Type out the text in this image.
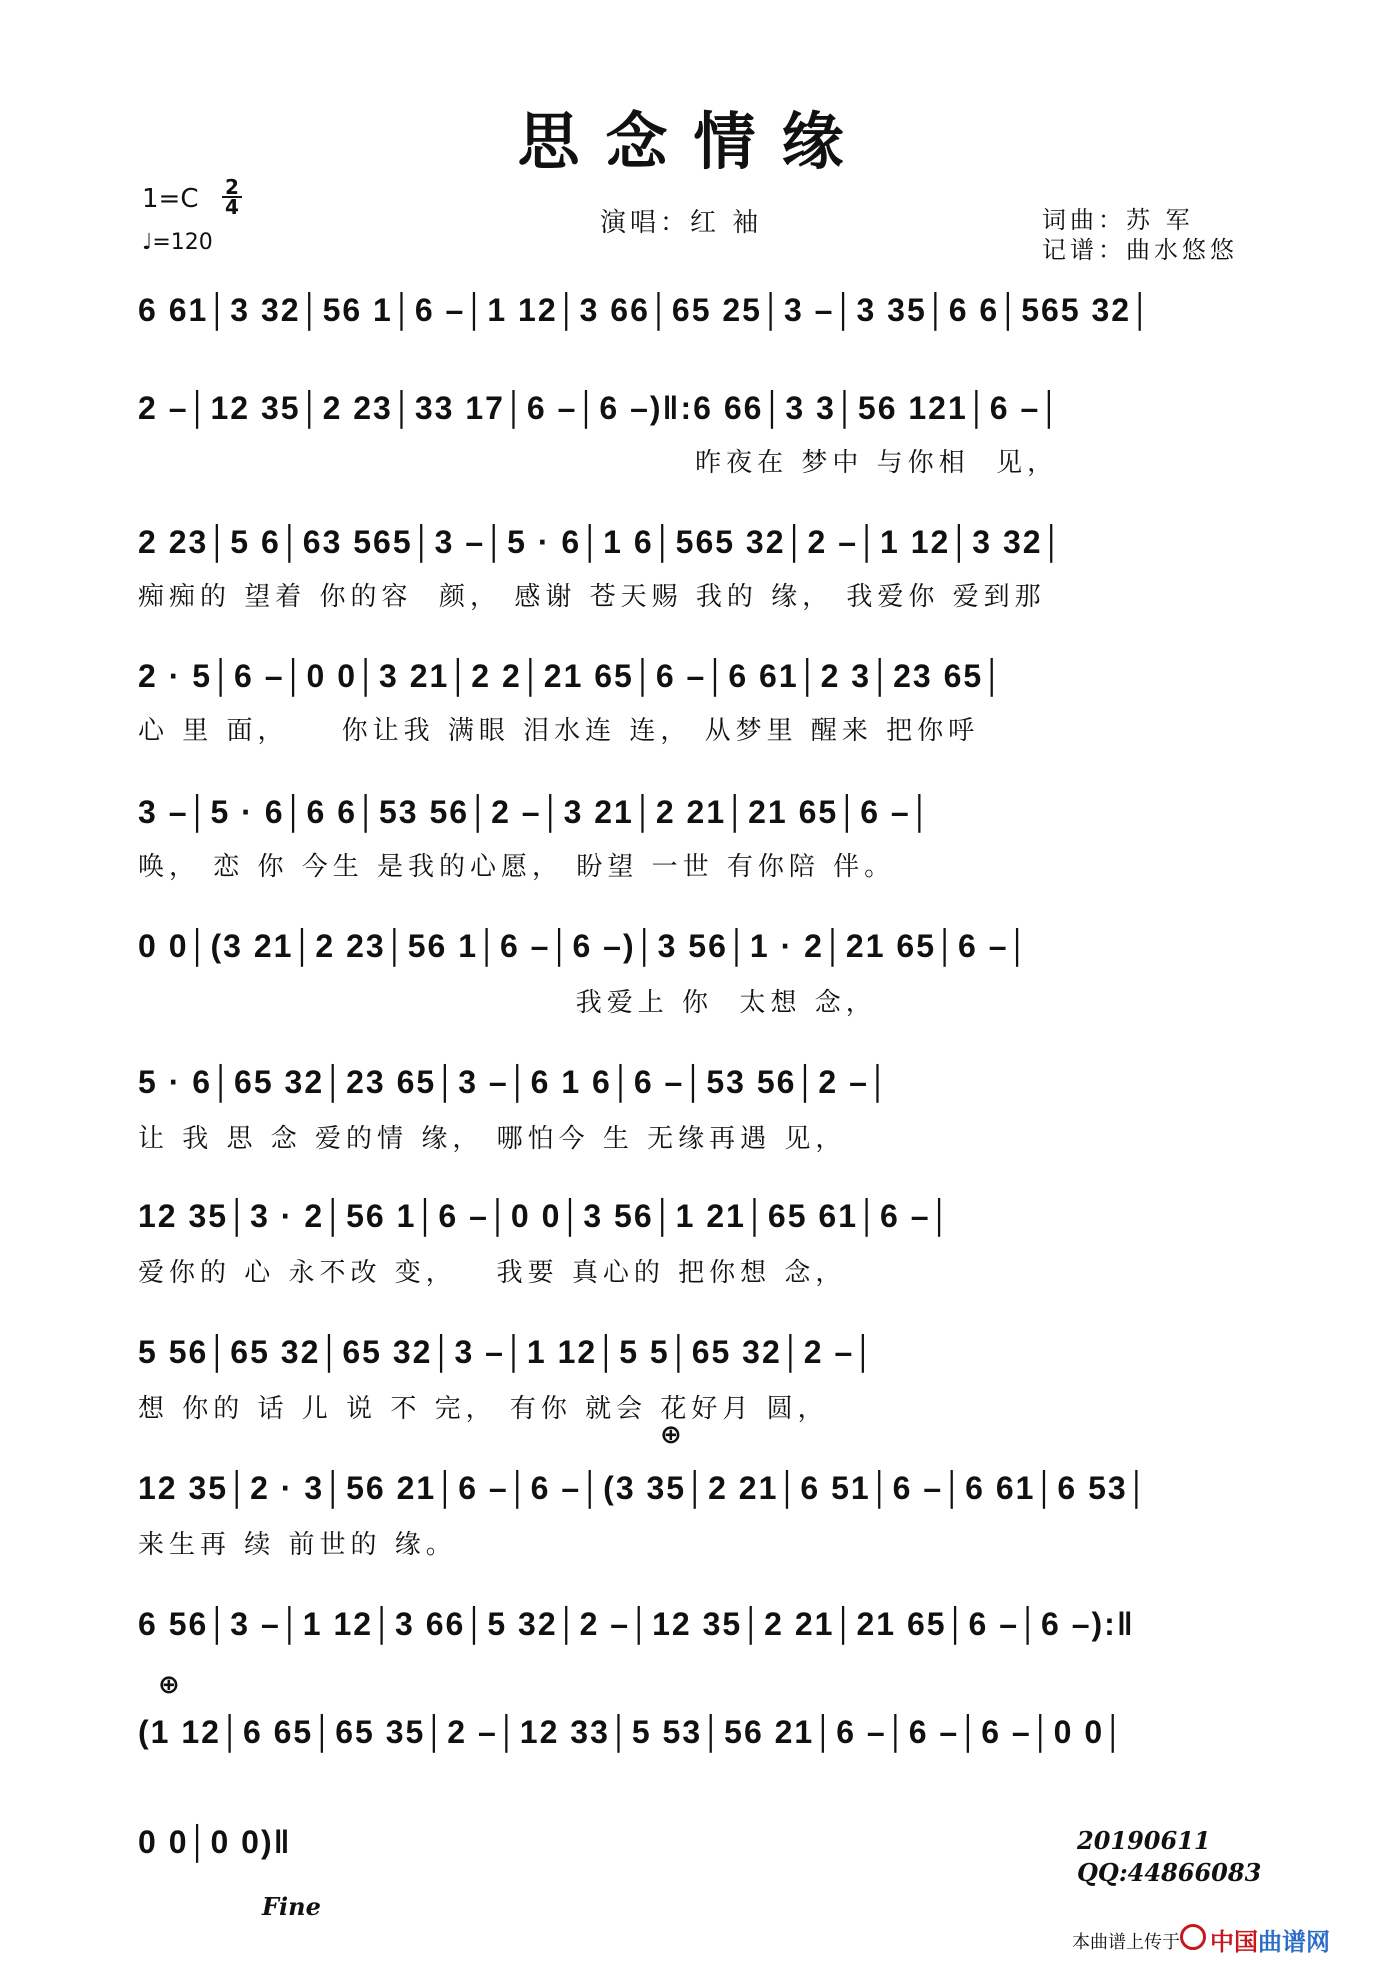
思念情缘
1=C 2
4
♩=120
演唱：红 袖	词曲：苏 军
记谱：曲水悠悠
6 61│3 32│56 1│6 –│1 12│3 66│65 25│3 –│3 35│6 6│565 32│
2 –│12 35│2 23│33 17│6 –│6 –)‖:6 66│3 3│56 121│6 –│
昨夜在 梦中 与你相  见，
2 23│5 6│63 565│3 –│5 · 6│1 6│565 32│2 –│1 12│3 32│
痴痴的 望着 你的容  颜， 感谢 苍天赐 我的 缘， 我爱你 爱到那
2 · 5│6 –│0 0│3 21│2 2│21 65│6 –│6 61│2 3│23 65│
心 里 面，    你让我 满眼 泪水连 连， 从梦里 醒来 把你呼
3 –│5 · 6│6 6│53 56│2 –│3 21│2 21│21 65│6 –│
唤， 恋 你 今生 是我的心愿， 盼望 一世 有你陪 伴。
0 0│(3 21│2 23│56 1│6 –│6 –)│3 56│1 · 2│21 65│6 –│
我爱上 你  太想 念，
5 · 6│65 32│23 65│3 –│6 1 6│6 –│53 56│2 –│
让 我 思 念 爱的情 缘， 哪怕今 生 无缘再遇 见，
12 35│3 · 2│56 1│6 –│0 0│3 56│1 21│65 61│6 –│
爱你的 心 永不改 变，   我要 真心的 把你想 念，
5 56│65 32│65 32│3 –│1 12│5 5│65 32│2 –│
想 你的 话 儿 说 不 完， 有你 就会 花好月 圆，
⊕
12 35│2 · 3│56 21│6 –│6 –│(3 35│2 21│6 51│6 –│6 61│6 53│
来生再 续 前世的 缘。
6 56│3 –│1 12│3 66│5 32│2 –│12 35│2 21│21 65│6 –│6 –):‖
⊕
(1 12│6 65│65 35│2 –│12 33│5 53│56 21│6 –│6 –│6 –│0 0│
0 0│0 0)‖	20190611
QQ:44866083
Fine
本曲谱上传于 中国曲谱网
